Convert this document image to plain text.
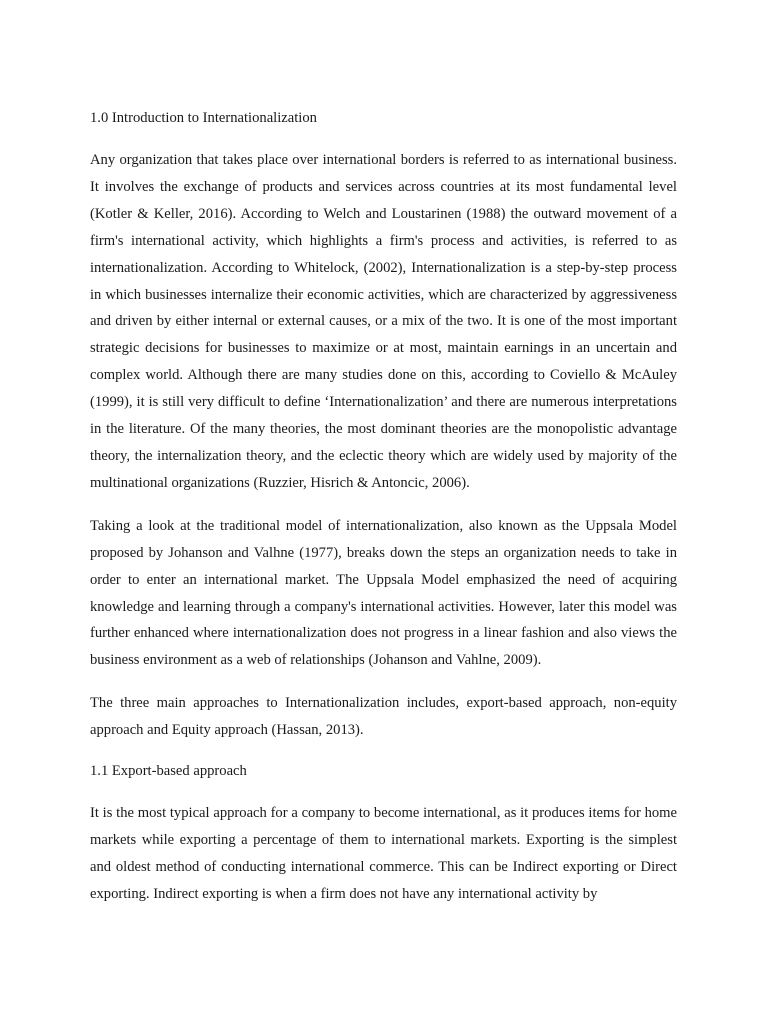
1.0 Introduction to Internationalization

Any organization that takes place over international borders is referred to as international business. It involves the exchange of products and services across countries at its most fundamental level (Kotler & Keller, 2016). According to Welch and Loustarinen (1988) the outward movement of a firm's international activity, which highlights a firm's process and activities, is referred to as internationalization. According to Whitelock, (2002), Internationalization is a step-by-step process in which businesses internalize their economic activities, which are characterized by aggressiveness and driven by either internal or external causes, or a mix of the two. It is one of the most important strategic decisions for businesses to maximize or at most, maintain earnings in an uncertain and complex world. Although there are many studies done on this, according to Coviello & McAuley (1999), it is still very difficult to define ‘Internationalization’ and there are numerous interpretations in the literature. Of the many theories, the most dominant theories are the monopolistic advantage theory, the internalization theory, and the eclectic theory which are widely used by majority of the multinational organizations (Ruzzier, Hisrich & Antoncic, 2006).

Taking a look at the traditional model of internationalization, also known as the Uppsala Model proposed by Johanson and Valhne (1977), breaks down the steps an organization needs to take in order to enter an international market. The Uppsala Model emphasized the need of acquiring knowledge and learning through a company's international activities. However, later this model was further enhanced where internationalization does not progress in a linear fashion and also views the business environment as a web of relationships (Johanson and Vahlne, 2009).

The three main approaches to Internationalization includes, export-based approach, non-equity approach and Equity approach (Hassan, 2013).

1.1 Export-based approach

It is the most typical approach for a company to become international, as it produces items for home markets while exporting a percentage of them to international markets. Exporting is the simplest and oldest method of conducting international commerce. This can be Indirect exporting or Direct exporting. Indirect exporting is when a firm does not have any international activity by
